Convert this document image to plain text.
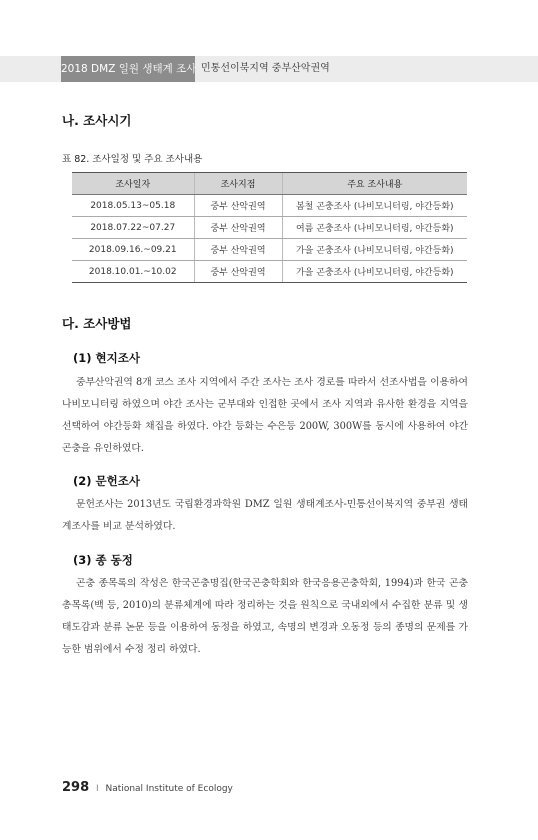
2018 DMZ 일원 생태계 조사 민통선이북지역 중부산악권역
나. 조사시기
표 82. 조사일정 및 주요 조사내용
조사일자	조사지점	주요 조사내용
2018.05.13~05.18	중부 산악권역	봄철 곤충조사 (나비모니터링, 야간등화)
2018.07.22~07.27	중부 산악권역	여름 곤충조사 (나비모니터링, 야간등화)
2018.09.16.~09.21	중부 산악권역	가을 곤충조사 (나비모니터링, 야간등화)
2018.10.01.~10.02	중부 산악권역	가을 곤충조사 (나비모니터링, 야간등화)
다. 조사방법
(1) 현지조사

중부산악권역 8개 코스 조사 지역에서 주간 조사는 조사 경로를 따라서 선조사법을 이용하여 나비모니터링 하였으며 야간 조사는 군부대와 인접한 곳에서 조사 지역과 유사한 환경을 지역을 선택하여 야간등화 채집을 하였다. 야간 등화는 수은등 200W, 300W를 동시에 사용하여 야간 곤충을 유인하였다.

(2) 문헌조사

문헌조사는 2013년도 국립환경과학원 DMZ 일원 생태계조사-민통선이북지역 중부권 생태계조사를 비교 분석하였다.

(3) 종 동정

곤충 종목록의 작성은 한국곤충명집(한국곤충학회와 한국응용곤충학회, 1994)과 한국 곤충 총목록(백 등, 2010)의 분류체계에 따라 정리하는 것을 원칙으로 국내외에서 수집한 분류 및 생태도감과 분류 논문 등을 이용하여 동정을 하였고, 속명의 변경과 오동정 등의 종명의 문제를 가능한 범위에서 수정 정리 하였다.

298 I National Institute of Ecology
